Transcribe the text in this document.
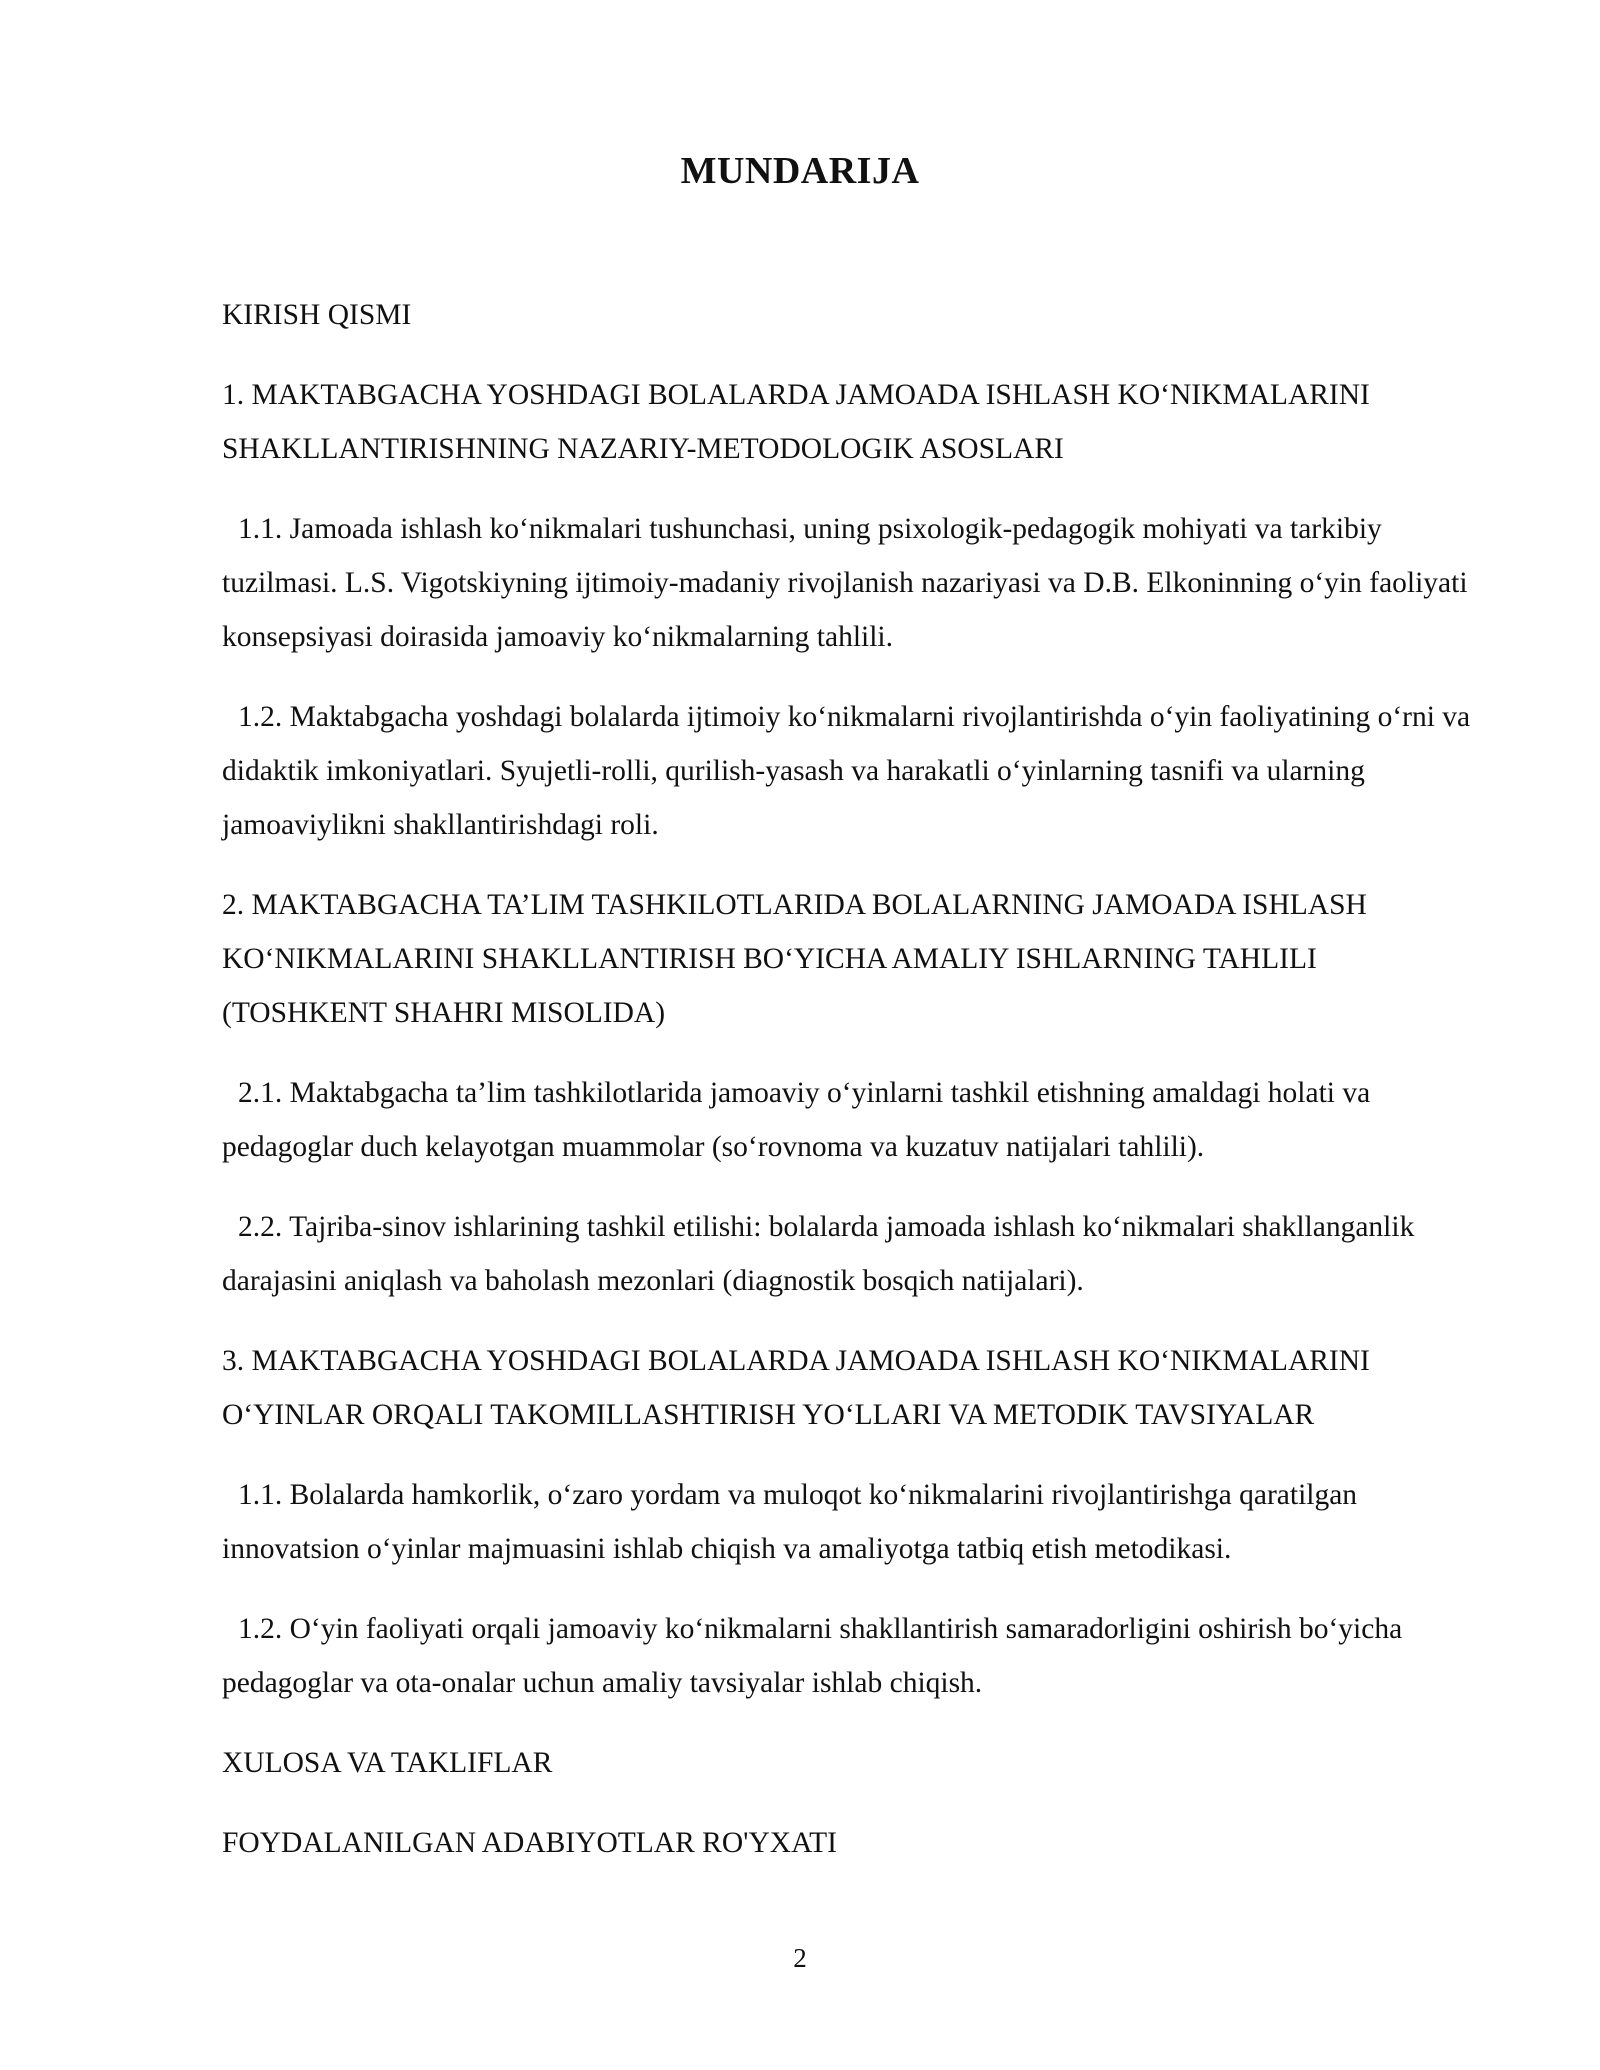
MUNDARIJA
KIRISH QISMI
1. MAKTABGACHA YOSHDAGI BOLALARDA JAMOADA ISHLASH KO‘NIKMALARINI SHAKLLANTIRISHNING NAZARIY-METODOLOGIK ASOSLARI
1.1. Jamoada ishlash ko‘nikmalari tushunchasi, uning psixologik-pedagogik mohiyati va tarkibiy tuzilmasi. L.S. Vigotskiyning ijtimoiy-madaniy rivojlanish nazariyasi va D.B. Elkoninning o‘yin faoliyati konsepsiyasi doirasida jamoaviy ko‘nikmalarning tahlili.
1.2. Maktabgacha yoshdagi bolalarda ijtimoiy ko‘nikmalarni rivojlantirishda o‘yin faoliyatining o‘rni va didaktik imkoniyatlari. Syujetli-rolli, qurilish-yasash va harakatli o‘yinlarning tasnifi va ularning jamoaviylikni shakllantirishdagi roli.
2. MAKTABGACHA TA’LIM TASHKILOTLARIDA BOLALARNING JAMOADA ISHLASH KO‘NIKMALARINI SHAKLLANTIRISH BO‘YICHA AMALIY ISHLARNING TAHLILI (TOSHKENT SHAHRI MISOLIDA)
2.1. Maktabgacha ta’lim tashkilotlarida jamoaviy o‘yinlarni tashkil etishning amaldagi holati va pedagoglar duch kelayotgan muammolar (so‘rovnoma va kuzatuv natijalari tahlili).
2.2. Tajriba-sinov ishlarining tashkil etilishi: bolalarda jamoada ishlash ko‘nikmalari shakllanganlik darajasini aniqlash va baholash mezonlari (diagnostik bosqich natijalari).
3. MAKTABGACHA YOSHDAGI BOLALARDA JAMOADA ISHLASH KO‘NIKMALARINI O‘YINLAR ORQALI TAKOMILLASHTIRISH YO‘LLARI VA METODIK TAVSIYALAR
1.1. Bolalarda hamkorlik, o‘zaro yordam va muloqot ko‘nikmalarini rivojlantirishga qaratilgan innovatsion o‘yinlar majmuasini ishlab chiqish va amaliyotga tatbiq etish metodikasi.
1.2. O‘yin faoliyati orqali jamoaviy ko‘nikmalarni shakllantirish samaradorligini oshirish bo‘yicha pedagoglar va ota-onalar uchun amaliy tavsiyalar ishlab chiqish.
XULOSA VA TAKLIFLAR
FOYDALANILGAN ADABIYOTLAR RO'YXATI
2
